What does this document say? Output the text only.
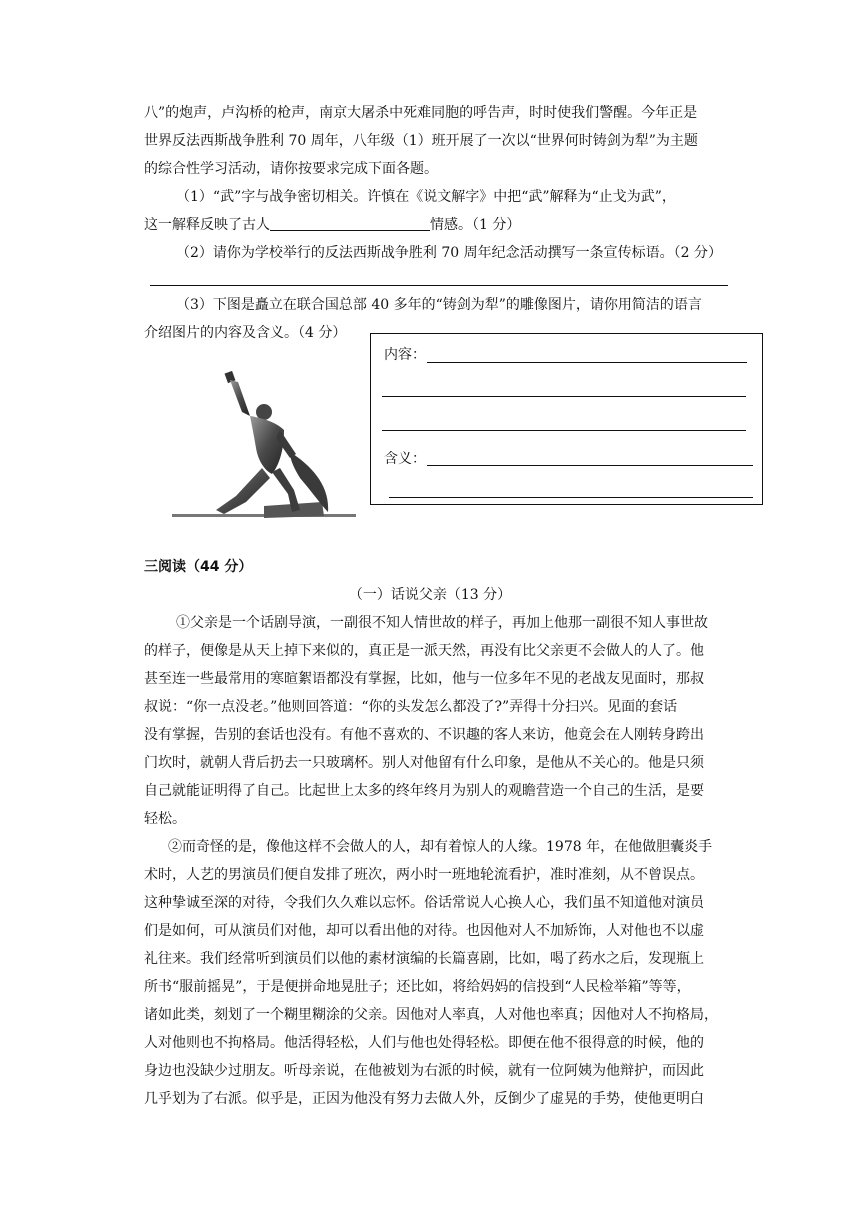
八”的炮声，卢沟桥的枪声，南京大屠杀中死难同胞的呼告声，时时使我们警醒。今年正是
世界反法西斯战争胜利 70 周年，八年级（1）班开展了一次以“世界何时铸剑为犁”为主题
的综合性学习活动，请你按要求完成下面各题。
（1）“武”字与战争密切相关。许慎在《说文解字》中把“武”解释为“止戈为武”，
这一解释反映了古人	情感。（1 分）
（2）请你为学校举行的反法西斯战争胜利 70 周年纪念活动撰写一条宣传标语。（2 分）
（3）下图是矗立在联合国总部 40 多年的“铸剑为犁”的雕像图片，请你用简洁的语言
介绍图片的内容及含义。（4 分）
内容：
含义：
三阅读（44 分）
（一）话说父亲（13 分）
①父亲是一个话剧导演，一副很不知人情世故的样子，再加上他那一副很不知人事世故
的样子，便像是从天上掉下来似的，真正是一派天然，再没有比父亲更不会做人的人了。他
甚至连一些最常用的寒暄絮语都没有掌握，比如，他与一位多年不见的老战友见面时，那叔
叔说：“你一点没老。”他则回答道：“你的头发怎么都没了?”弄得十分扫兴。见面的套话
没有掌握，告别的套话也没有。有他不喜欢的、不识趣的客人来访，他竟会在人刚转身跨出
门坎时，就朝人背后扔去一只玻璃杯。别人对他留有什么印象，是他从不关心的。他是只须
自己就能证明得了自己。比起世上太多的终年终月为别人的观瞻营造一个自己的生活，是要
轻松。
②而奇怪的是，像他这样不会做人的人，却有着惊人的人缘。1978 年，在他做胆囊炎手
术时，人艺的男演员们便自发排了班次，两小时一班地轮流看护，准时准刻，从不曾误点。
这种挚诚至深的对待，令我们久久难以忘怀。俗话常说人心换人心，我们虽不知道他对演员
们是如何，可从演员们对他，却可以看出他的对待。也因他对人不加矫饰，人对他也不以虚
礼往来。我们经常听到演员们以他的素材演编的长篇喜剧，比如，喝了药水之后，发现瓶上
所书“服前摇晃”，于是便拼命地晃肚子；还比如，将给妈妈的信投到“人民检举箱”等等，
诸如此类，刻划了一个糊里糊涂的父亲。因他对人率真，人对他也率真；因他对人不拘格局，
人对他则也不拘格局。他活得轻松，人们与他也处得轻松。即便在他不很得意的时候，他的
身边也没缺少过朋友。听母亲说，在他被划为右派的时候，就有一位阿姨为他辩护，而因此
几乎划为了右派。似乎是，正因为他没有努力去做人外，反倒少了虚晃的手势，使他更明白
